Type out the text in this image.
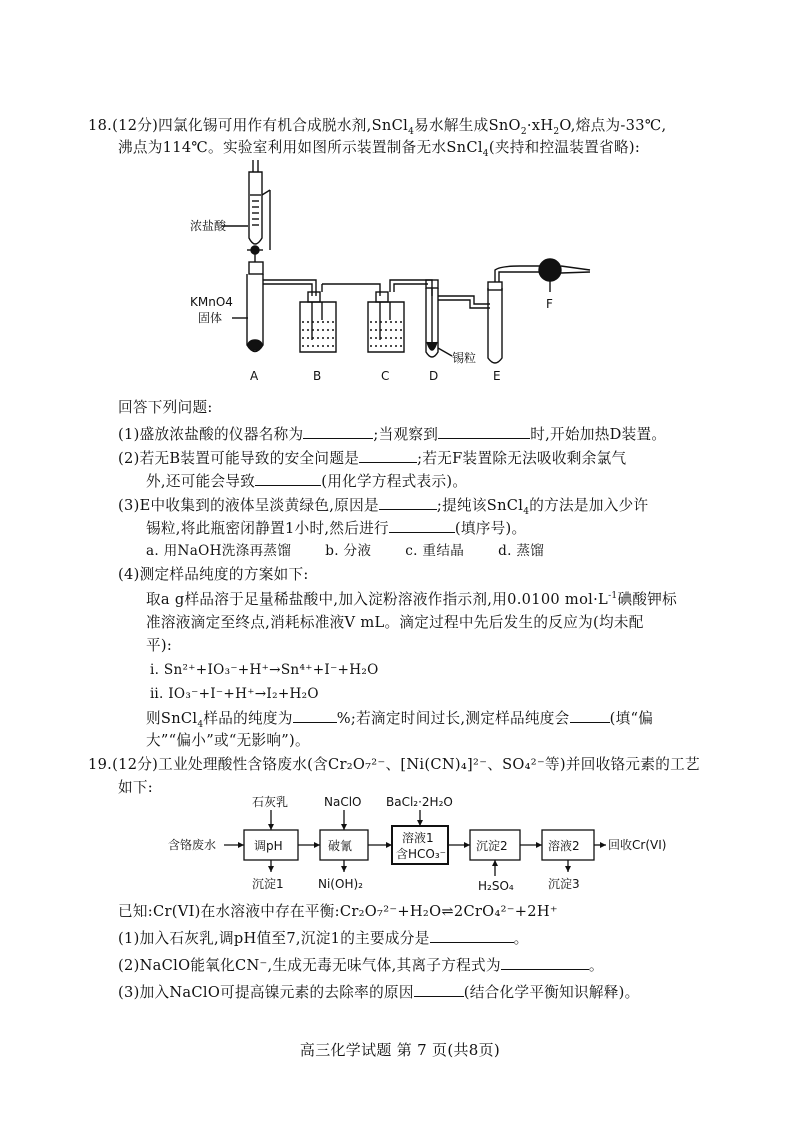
18.(12分)四氯化锡可用作有机合成脱水剂,SnCl$_4$易水解生成$SnO_2\cdot xH_2O$,熔点为-33℃,
沸点为114℃。实验室利用如图所示装置制备无水SnCl$_4$(夹持和控温装置省略):
浓盐酸
KMnO4
固体
锡粒
A	B	C	D	E
F
回答下列问题:
(1)盛放浓盐酸的仪器名称为	;当观察到	时,开始加热D装置。
(2)若无B装置可能导致的安全问题是	;若无F装置除无法吸收剩余氯气
外,还可能会导致	(用化学方程式表示)。
(3)E中收集到的液体呈淡黄绿色,原因是	;提纯该SnCl$_4$的方法是加入少许
锡粒,将此瓶密闭静置1小时,然后进行	(填序号)。
a. 用NaOH洗涤再蒸馏	b. 分液	c. 重结晶	d. 蒸馏
(4)测定样品纯度的方案如下:
取a g样品溶于足量稀盐酸中,加入淀粉溶液作指示剂,用0.0100 $mol\cdot L^{-1}$碘酸钾标
准溶液滴定至终点,消耗标准液V mL。滴定过程中先后发生的反应为(均未配
平):
ⅰ. Sn²⁺+IO₃⁻+H⁺→Sn⁴⁺+I⁻+H₂O
ⅱ. IO₃⁻+I⁻+H⁺→I₂+H₂O
则SnCl$_4$样品的纯度为	%;若滴定时间过长,测定样品纯度会	(填“偏
大”“偏小”或“无影响”)。
19.(12分)工业处理酸性含铬废水(含Cr₂O₇²⁻、[Ni(CN)₄]²⁻、SO₄²⁻等)并回收铬元素的工艺
如下:
石灰乳	NaClO BaCl₂·2H₂O
含铬废水	调pH	破氰
溶液1
含HCO₃⁻
沉淀2	溶液2 回收Cr(VI)
沉淀1	Ni(OH)₂	H₂SO₄	沉淀3
已知:Cr(VI)在水溶液中存在平衡:Cr₂O₇²⁻+H₂O⇌2CrO₄²⁻+2H⁺
(1)加入石灰乳,调pH值至7,沉淀1的主要成分是	。
(2)NaClO能氧化CN⁻,生成无毒无味气体,其离子方程式为	。
(3)加入NaClO可提高镍元素的去除率的原因	(结合化学平衡知识解释)。
高三化学试题 第 7 页(共8页)
